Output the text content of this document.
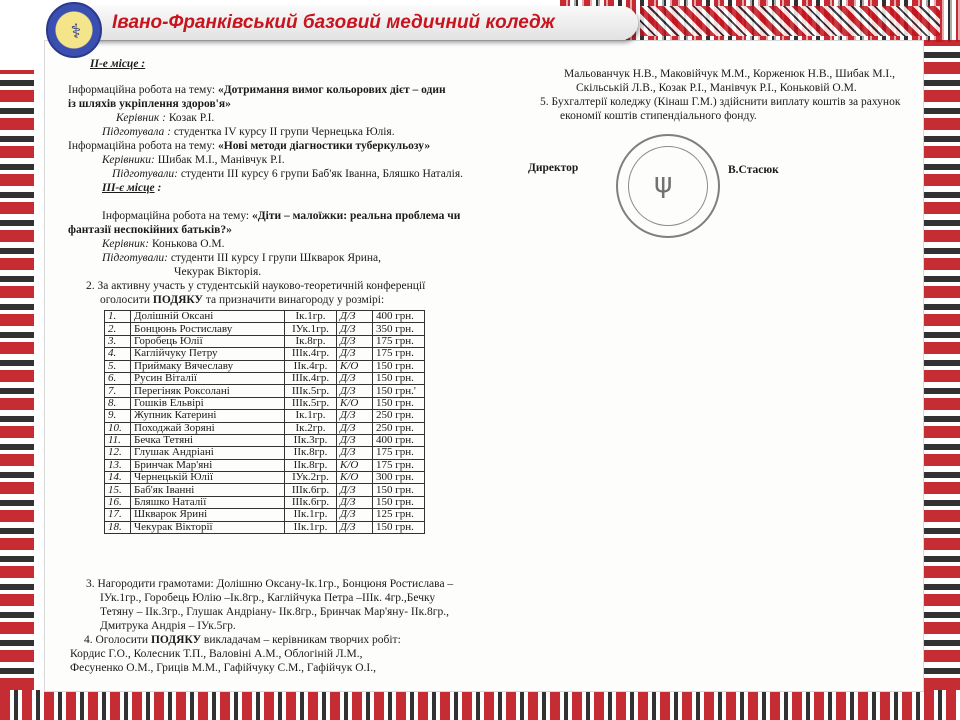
Івано-Франківський базовий медичний коледж
⚕
ІІ-е місце :
Інформаційна робота на тему: «Дотримання вимог кольорових дієт – один
із шляхів укріплення здоров'я»
Керівник : Козак Р.І.
Підготувала : студентка IV курсу II групи Чернецька Юлія.
Інформаційна робота на тему: «Нові методи діагностики туберкульозу»
Керівники: Шибак М.І., Манівчук Р.І.
Підготували: студенти III курсу 6 групи Баб'як Іванна, Бляшко Наталія.
ІІІ-є місце :
Інформаційна робота на тему: «Діти – малоїжки: реальна проблема чи
фантазії неспокійних батьків?»
Керівник: Конькова О.М.
Підготували: студенти III курсу I групи Шкварок Ярина,
Чекурак Вікторія.
2. За активну участь у студентській науково-теоретичній конференції
оголосити ПОДЯКУ та призначити винагороду у розмірі:
1.	Долішній Оксані	Ік.1гр.	Д/З	400 грн.
2.	Бонцюнь Ростиславу	ІУк.1гр.	Д/З	350 грн.
3.	Горобець Юлії	Ік.8гр.	Д/З	175 грн.
4.	Каглійчуку Петру	ІІІк.4гр.	Д/З	175 грн.
5.	Приймаку Вячеславу	ІІк.4гр.	К/О	150 грн.
6.	Русин Віталії	ІІІк.4гр.	Д/З	150 грн.
7.	Перегіняк Роксолані	ІІІк.5гр.	Д/З	150 грн.'
8.	Гошків Ельвірі	ІІІк.5гр.	К/О	150 грн.
9.	Жупник Катерині	Ік.1гр.	Д/З	250 грн.
10.	Походжай Зоряні	Ік.2гр.	Д/З	250 грн.
11.	Бечка Тетяні	ІІк.3гр.	Д/З	400 грн.
12.	Глушак Андріані	ІІк.8гр.	Д/З	175 грн.
13.	Бринчак Мар'яні	ІІк.8гр.	К/О	175 грн.
14.	Чернецькій Юлії	ІУк.2гр.	К/О	300 грн.
15.	Баб'як Іванні	ІІІк.6гр.	Д/З	150 грн.
16.	Бляшко Наталії	ІІІк.6гр.	Д/З	150 грн.
17.	Шкварок Ярині	ІІк.1гр.	Д/З	125 грн.
18.	Чекурак Вікторії	ІІк.1гр.	Д/З	150 грн.
3. Нагородити грамотами: Долішню Оксану-Ік.1гр., Бонцюня Ростислава –
ІУк.1гр., Горобець Юлію –Ік.8гр., Каглійчука Петра –ІІІк. 4гр.,Бечку
Тетяну – ІІк.3гр., Глушак Андріану- ІІк.8гр., Бринчак Мар'яну- ІІк.8гр.,
Дмитрука Андрія – ІУк.5гр.
4. Оголосити ПОДЯКУ викладачам – керівникам творчих робіт:
Кордис Г.О., Колесник Т.П., Валовіні А.М., Облогіній Л.М.,
Фесуненко О.М., Гриців М.М., Гафійчуку С.М., Гафійчук О.І.,
Мальованчук Н.В., Маковійчук М.М., Корженюк Н.В., Шибак М.І.,
Скільській Л.В., Козак Р.І., Манівчук Р.І., Коньковій О.М.
5. Бухгалтерії коледжу (Кінаш Г.М.) здійснити виплату коштів за рахунок
економії коштів стипендіального фонду.
Директор	ψ	В.Стасюк
